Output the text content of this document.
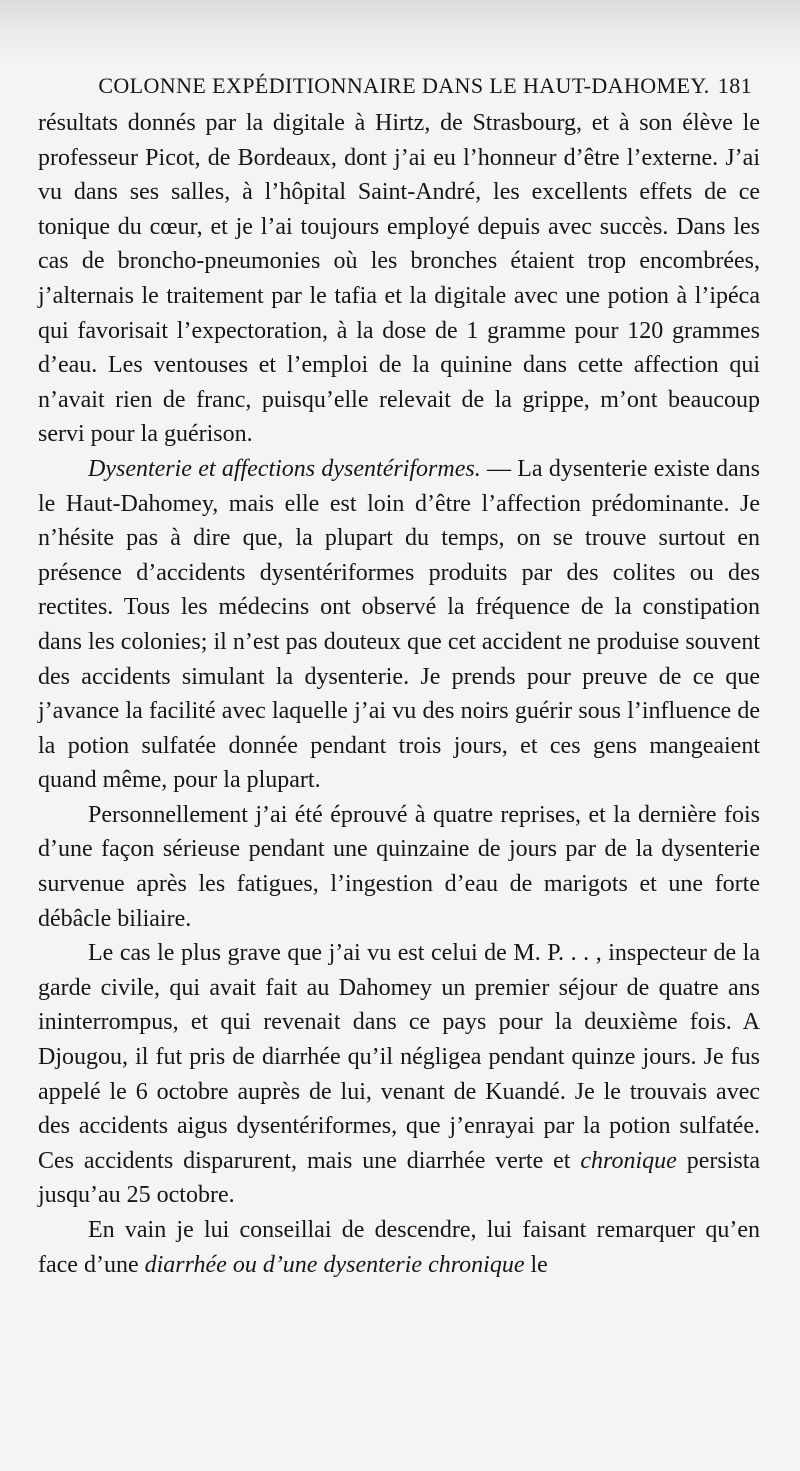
COLONNE EXPÉDITIONNAIRE DANS LE HAUT-DAHOMEY. 181

résultats donnés par la digitale à Hirtz, de Strasbourg, et à son élève le professeur Picot, de Bordeaux, dont j’ai eu l’honneur d’être l’externe. J’ai vu dans ses salles, à l’hôpital Saint-André, les excellents effets de ce tonique du cœur, et je l’ai toujours employé depuis avec succès. Dans les cas de broncho-pneumonies où les bronches étaient trop encombrées, j’alternais le traitement par le tafia et la digitale avec une potion à l’ipéca qui favorisait l’expectoration, à la dose de 1 gramme pour 120 grammes d’eau. Les ventouses et l’emploi de la quinine dans cette affection qui n’avait rien de franc, puisqu’elle relevait de la grippe, m’ont beaucoup servi pour la guérison.

Dysenterie et affections dysentériformes. — La dysenterie existe dans le Haut-Dahomey, mais elle est loin d’être l’affection prédominante. Je n’hésite pas à dire que, la plupart du temps, on se trouve surtout en présence d’accidents dysentériformes produits par des colites ou des rectites. Tous les médecins ont observé la fréquence de la constipation dans les colonies; il n’est pas douteux que cet accident ne produise souvent des accidents simulant la dysenterie. Je prends pour preuve de ce que j’avance la facilité avec laquelle j’ai vu des noirs guérir sous l’influence de la potion sulfatée donnée pendant trois jours, et ces gens mangeaient quand même, pour la plupart.

Personnellement j’ai été éprouvé à quatre reprises, et la dernière fois d’une façon sérieuse pendant une quinzaine de jours par de la dysenterie survenue après les fatigues, l’ingestion d’eau de marigots et une forte débâcle biliaire.

Le cas le plus grave que j’ai vu est celui de M. P. . . , inspecteur de la garde civile, qui avait fait au Dahomey un premier séjour de quatre ans ininterrompus, et qui revenait dans ce pays pour la deuxième fois. A Djougou, il fut pris de diarrhée qu’il négligea pendant quinze jours. Je fus appelé le 6 octobre auprès de lui, venant de Kuandé. Je le trouvais avec des accidents aigus dysentériformes, que j’enrayai par la potion sulfatée. Ces accidents disparurent, mais une diarrhée verte et chronique persista jusqu’au 25 octobre.

En vain je lui conseillai de descendre, lui faisant remarquer qu’en face d’une diarrhée ou d’une dysenterie chronique le
